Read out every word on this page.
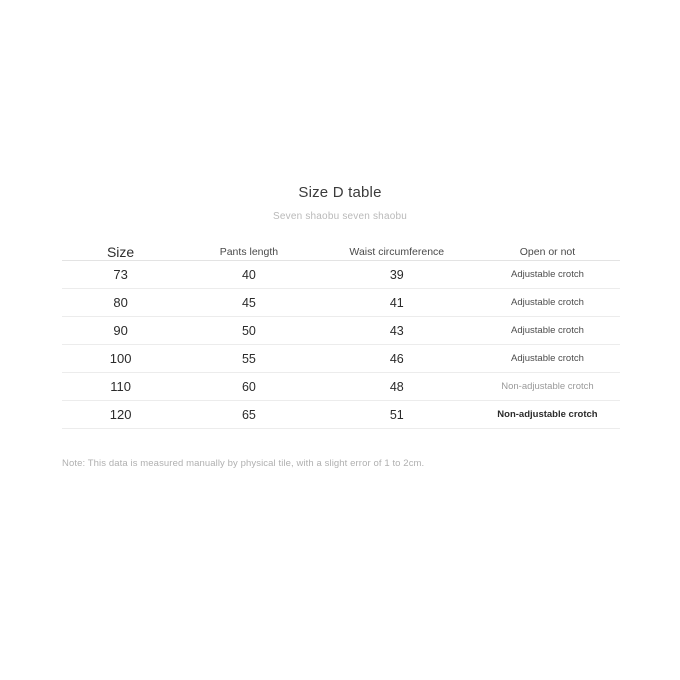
Size D table
Seven shaobu seven shaobu
Size	Pants length	Waist circumference	Open or not
73	40	39	Adjustable crotch
80	45	41	Adjustable crotch
90	50	43	Adjustable crotch
100	55	46	Adjustable crotch
110	60	48	Non-adjustable crotch
120	65	51	Non-adjustable crotch
Note: This data is measured manually by physical tile, with a slight error of 1 to 2cm.
